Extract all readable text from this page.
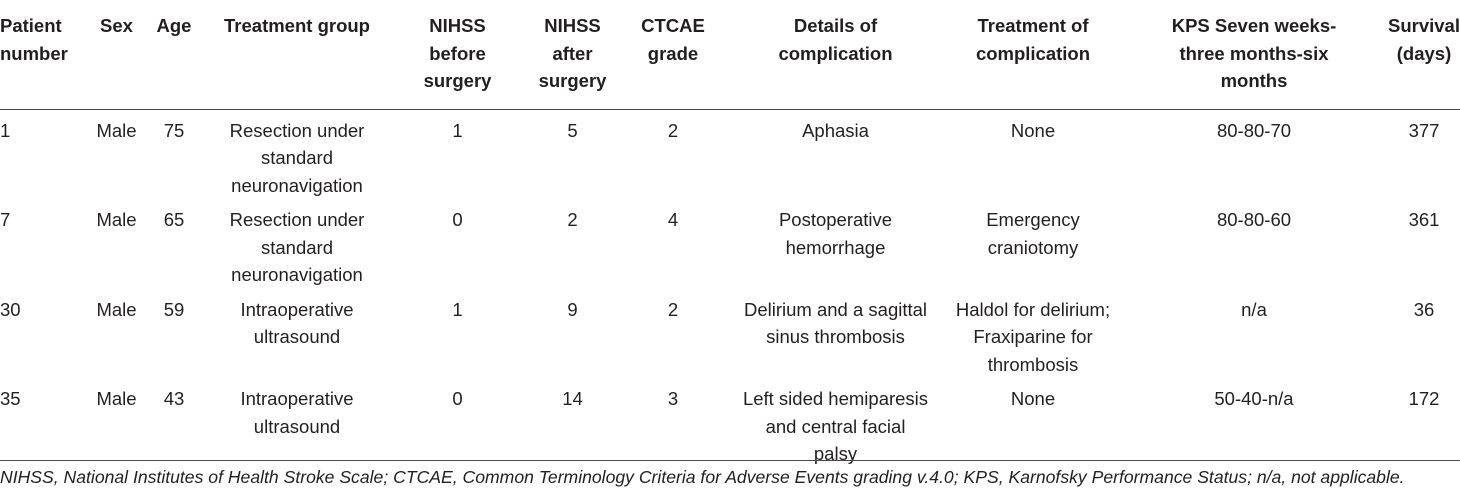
Patient
number	Sex	Age	Treatment group	NIHSS
before
surgery	NIHSS
after
surgery	CTCAE
grade	Details of
complication	Treatment of
complication	KPS Seven weeks-
three months-six
months	Survival
(days)

1	Male	75	Resection under
standard
neuronavigation	1	5	2	Aphasia	None	80-80-70	377
7	Male	65	Resection under
standard
neuronavigation	0	2	4	Postoperative
hemorrhage	Emergency
craniotomy	80-80-60	361
30	Male	59	Intraoperative
ultrasound	1	9	2	Delirium and a sagittal
sinus thrombosis	Haldol for delirium;
Fraxiparine for
thrombosis	n/a	36
35	Male	43	Intraoperative
ultrasound	0	14	3	Left sided hemiparesis
and central facial
palsy	None	50-40-n/a	172
NIHSS, National Institutes of Health Stroke Scale; CTCAE, Common Terminology Criteria for Adverse Events grading v.4.0; KPS, Karnofsky Performance Status; n/a, not applicable.
